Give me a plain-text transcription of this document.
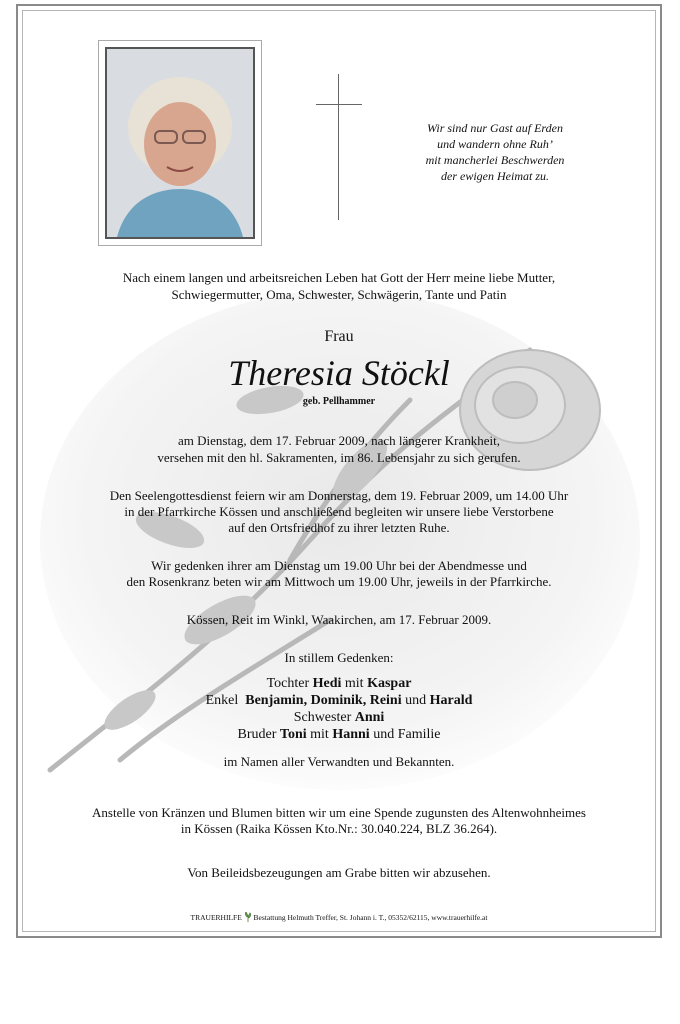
Wir sind nur Gast auf Erden
und wandern ohne Ruh’
mit mancherlei Beschwerden
der ewigen Heimat zu.
Nach einem langen und arbeitsreichen Leben hat Gott der Herr meine liebe Mutter,
Schwiegermutter, Oma, Schwester, Schwägerin, Tante und Patin
Frau
Theresia Stöckl
geb. Pellhammer
am Dienstag, dem 17. Februar 2009, nach längerer Krankheit,
versehen mit den hl. Sakramenten, im 86. Lebensjahr zu sich gerufen.
Den Seelengottesdienst feiern wir am Donnerstag, dem 19. Februar 2009, um 14.00 Uhr
in der Pfarrkirche Kössen und anschließend begleiten wir unsere liebe Verstorbene
auf den Ortsfriedhof zu ihrer letzten Ruhe.
Wir gedenken ihrer am Dienstag um 19.00 Uhr bei der Abendmesse und
den Rosenkranz beten wir am Mittwoch um 19.00 Uhr, jeweils in der Pfarrkirche.
Kössen, Reit im Winkl, Waakirchen, am 17. Februar 2009.
In stillem Gedenken:
Tochter Hedi mit Kaspar
Enkel Benjamin, Dominik, Reini und Harald
Schwester Anni
Bruder Toni mit Hanni und Familie
im Namen aller Verwandten und Bekannten.
Anstelle von Kränzen und Blumen bitten wir um eine Spende zugunsten des Altenwohnheimes
in Kössen (Raika Kössen Kto.Nr.: 30.040.224, BLZ 36.264).
Von Beileidsbezeugungen am Grabe bitten wir abzusehen.
TRAUERHILFE Bestattung Helmuth Treffer, St. Johann i. T., 05352/62115, www.trauerhilfe.at
